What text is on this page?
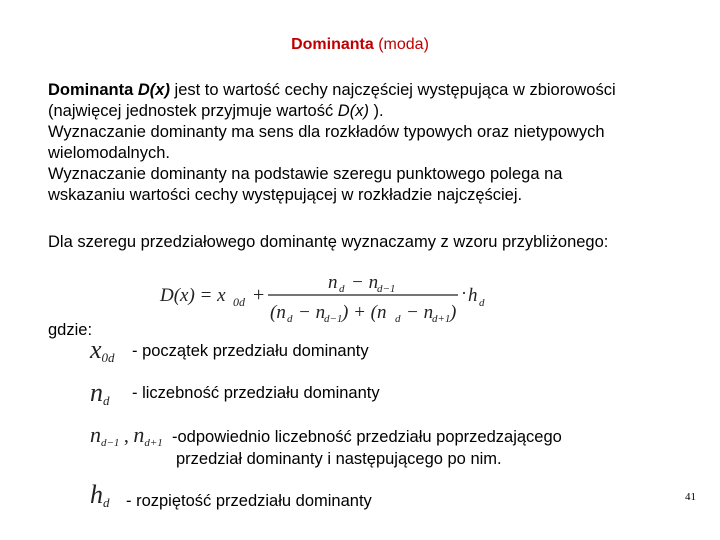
Dominanta (moda)
Dominanta D(x) jest to wartość cechy najczęściej występująca w zbiorowości
(najwięcej jednostek przyjmuje wartość D(x) ).
Wyznaczanie dominanty ma sens dla rozkładów typowych oraz nietypowych
wielomodalnych.
Wyznaczanie dominanty na podstawie szeregu punktowego polega na
wskazaniu wartości cechy występującej w rozkładzie najczęściej.
Dla szeregu przedziałowego dominantę wyznaczamy z wzoru przybliżonego:
D(x) = x 0d +
n d − n
d−1
(n d − n
d−1 ) + (n d − n
d+1 )
· h d
gdzie:
$x_{0d}$ - początek przedziału dominanty
$n_d$ - liczebność przedziału dominanty
$n_{d-1}$ , $n_{d+1}$ -odpowiednio liczebność przedziału poprzedzającego
przedział dominanty i następującego po nim.
$h_d$ - rozpiętość przedziału dominanty	41
